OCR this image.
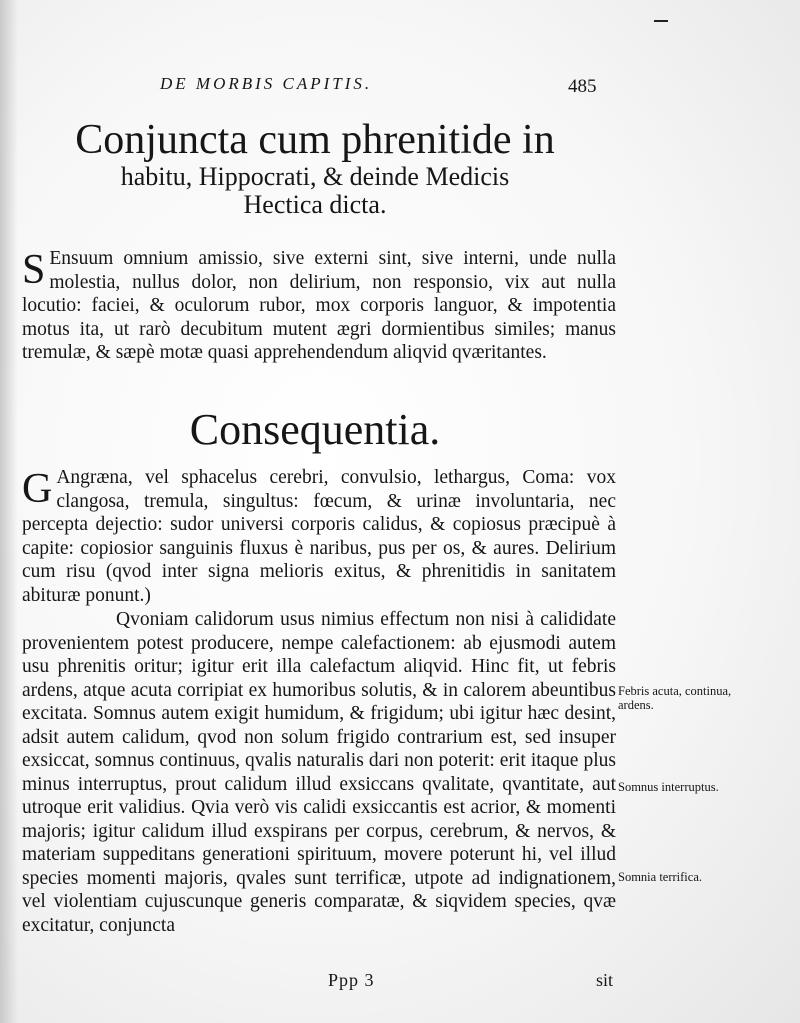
DE MORBIS CAPITIS.	485
Conjuncta cum phrenitide in
habitu, Hippocrati, & deinde Medicis
Hectica dicta.

S Ensuum omnium amissio, sive externi sint, sive interni, unde nulla molestia, nullus dolor, non delirium, non responsio, vix aut nulla locutio: faciei, & oculorum rubor, mox corporis languor, & impotentia motus ita, ut rarò decubitum mutent ægri dormientibus similes; manus tremulæ, & sæpè motæ quasi apprehendendum aliqvid qværitantes.

Consequentia.

G Angræna, vel sphacelus cerebri, convulsio, lethargus, Coma: vox clangosa, tremula, singultus: fœcum, & urinæ involuntaria, nec percepta dejectio: sudor universi corporis calidus, & copiosus præcipuè à capite: copiosior sanguinis fluxus è naribus, pus per os, & aures. Delirium cum risu (qvod inter signa melioris exitus, & phrenitidis in sanitatem abituræ ponunt.)

Qvoniam calidorum usus nimius effectum non nisi à calididate provenientem potest producere, nempe calefactionem: ab ejusmodi autem usu phrenitis oritur; igitur erit illa calefactum aliqvid. Hinc fit, ut febris ardens, atque acuta corripiat ex humoribus solutis, & in calorem abeuntibus excitata. Somnus autem exigit humidum, & frigidum; ubi igitur hæc desint, adsit autem calidum, qvod non solum frigido contrarium est, sed insuper exsiccat, somnus continuus, qvalis naturalis dari non poterit: erit itaque plus minus interruptus, prout calidum illud exsiccans qvalitate, qvantitate, aut utroque erit validius. Qvia verò vis calidi exsiccantis est acrior, & momenti majoris; igitur calidum illud exspirans per corpus, cerebrum, & nervos, & materiam suppeditans generationi spirituum, movere poterunt hi, vel illud species momenti majoris, qvales sunt terrificæ, utpote ad indignationem, vel violentiam cujuscunque generis comparatæ, & siqvidem species, qvæ excitatur, conjuncta

Febris acuta, continua, ardens.
Somnus interruptus.
Somnia terrifica.
Ppp 3	sit
